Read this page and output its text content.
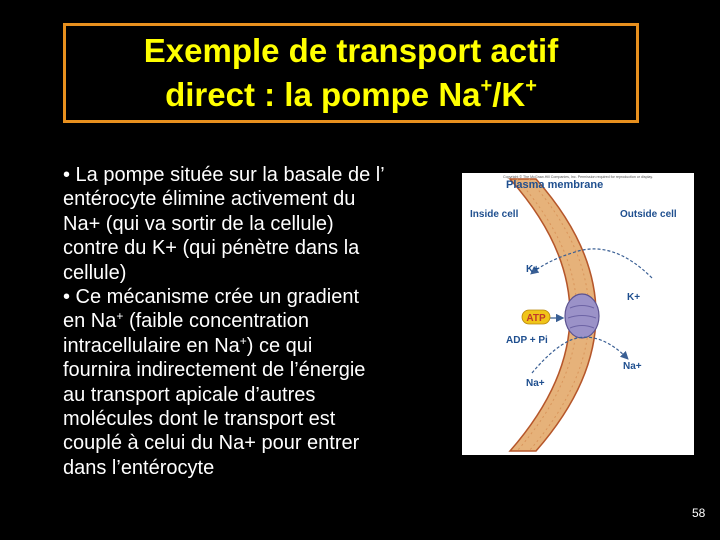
Exemple de transport actif
direct : la pompe Na+/K+
• La pompe située sur la basale de l’
entérocyte élimine activement du
Na+ (qui va sortir de la cellule)
contre du K+ (qui pénètre dans la
cellule)
• Ce mécanisme crée un gradient
en Na+ (faible concentration
intracellulaire en Na+) ce qui
fournira indirectement de l’énergie
au transport apicale d’autres
molécules dont le transport est
couplé à celui du Na+ pour entrer
dans l’entérocyte
Copyright © The McGraw-Hill Companies, Inc. Permission required for reproduction or display.
ATP
Plasma membrane
Inside cell	Outside cell
K+
K+
ADP + Pi
Na+
Na+
58
